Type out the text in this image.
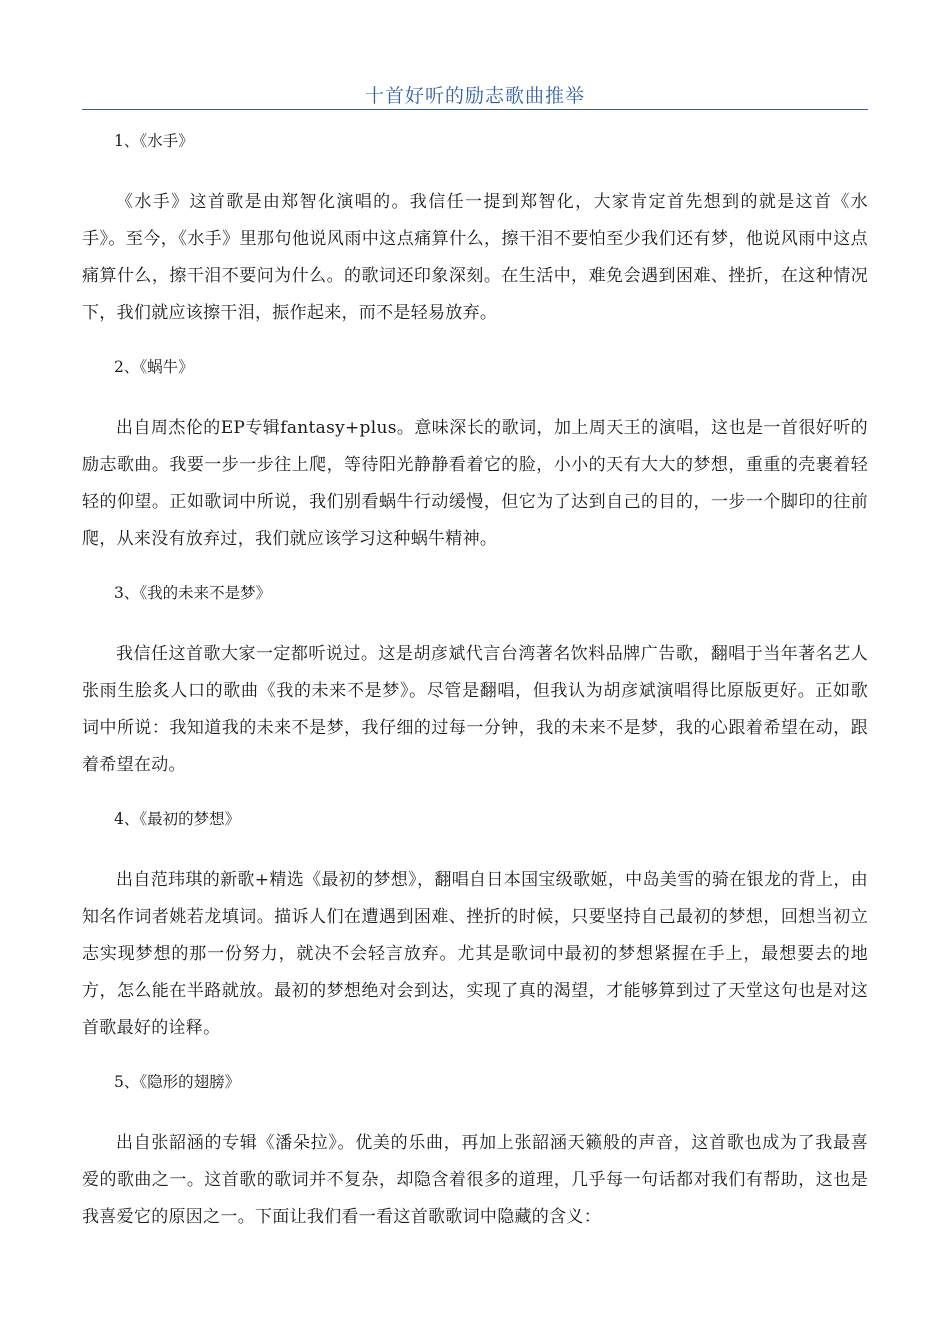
十首好听的励志歌曲推举

1、《水手》

《水手》这首歌是由郑智化演唱的。我信任一提到郑智化，大家肯定首先想到的就是这首《水手》。至今，《水手》里那句他说风雨中这点痛算什么，擦干泪不要怕至少我们还有梦，他说风雨中这点痛算什么，擦干泪不要问为什么。的歌词还印象深刻。在生活中，难免会遇到困难、挫折，在这种情况下，我们就应该擦干泪，振作起来，而不是轻易放弃。

2、《蜗牛》

出自周杰伦的EP专辑fantasy+plus。意味深长的歌词，加上周天王的演唱，这也是一首很好听的励志歌曲。我要一步一步往上爬，等待阳光静静看着它的脸，小小的天有大大的梦想，重重的壳裹着轻轻的仰望。正如歌词中所说，我们别看蜗牛行动缓慢，但它为了达到自己的目的，一步一个脚印的往前爬，从来没有放弃过，我们就应该学习这种蜗牛精神。

3、《我的未来不是梦》

我信任这首歌大家一定都听说过。这是胡彦斌代言台湾著名饮料品牌广告歌，翻唱于当年著名艺人张雨生脍炙人口的歌曲《我的未来不是梦》。尽管是翻唱，但我认为胡彦斌演唱得比原版更好。正如歌词中所说：我知道我的未来不是梦，我仔细的过每一分钟，我的未来不是梦，我的心跟着希望在动，跟着希望在动。

4、《最初的梦想》

出自范玮琪的新歌+精选《最初的梦想》，翻唱自日本国宝级歌姬，中岛美雪的骑在银龙的背上，由知名作词者姚若龙填词。描诉人们在遭遇到困难、挫折的时候，只要坚持自己最初的梦想，回想当初立志实现梦想的那一份努力，就决不会轻言放弃。尤其是歌词中最初的梦想紧握在手上，最想要去的地方，怎么能在半路就放。最初的梦想绝对会到达，实现了真的渴望，才能够算到过了天堂这句也是对这首歌最好的诠释。

5、《隐形的翅膀》

出自张韶涵的专辑《潘朵拉》。优美的乐曲，再加上张韶涵天籁般的声音，这首歌也成为了我最喜爱的歌曲之一。这首歌的歌词并不复杂，却隐含着很多的道理，几乎每一句话都对我们有帮助，这也是我喜爱它的原因之一。下面让我们看一看这首歌歌词中隐藏的含义：
